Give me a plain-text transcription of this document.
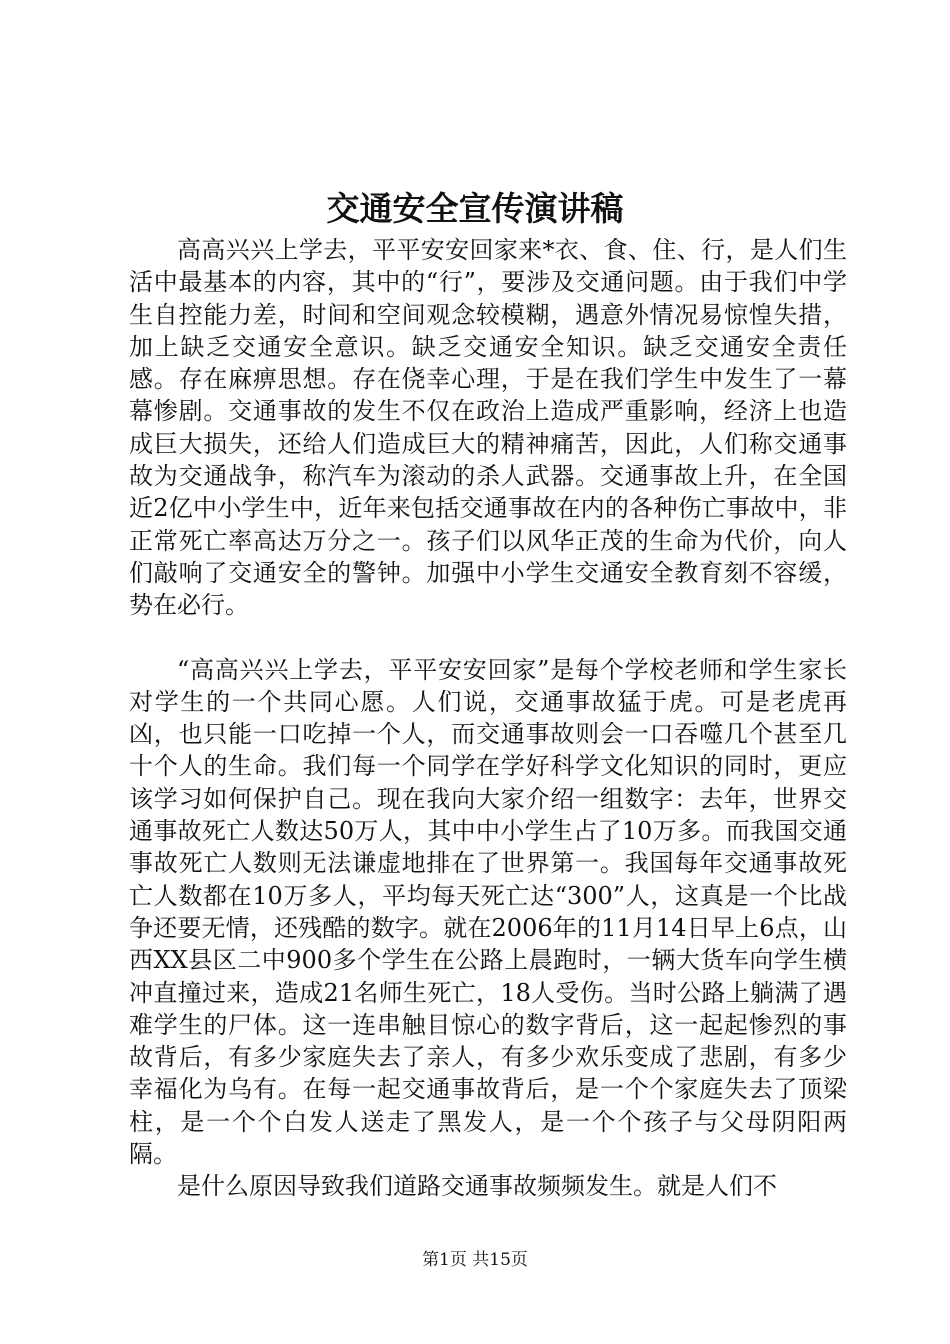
交通安全宣传演讲稿

高高兴兴上学去，平平安安回家来*衣、食、住、行，是人们生活中最基本的内容，其中的“行”，要涉及交通问题。由于我们中学生自控能力差，时间和空间观念较模糊，遇意外情况易惊惶失措，加上缺乏交通安全意识。缺乏交通安全知识。缺乏交通安全责任感。存在麻痹思想。存在侥幸心理，于是在我们学生中发生了一幕幕惨剧。交通事故的发生不仅在政治上造成严重影响，经济上也造成巨大损失，还给人们造成巨大的精神痛苦，因此，人们称交通事故为交通战争，称汽车为滚动的杀人武器。交通事故上升，在全国近2亿中小学生中，近年来包括交通事故在内的各种伤亡事故中，非正常死亡率高达万分之一。孩子们以风华正茂的生命为代价，向人们敲响了交通安全的警钟。加强中小学生交通安全教育刻不容缓，势在必行。

“高高兴兴上学去，平平安安回家”是每个学校老师和学生家长对学生的一个共同心愿。人们说，交通事故猛于虎。可是老虎再凶，也只能一口吃掉一个人，而交通事故则会一口吞噬几个甚至几十个人的生命。我们每一个同学在学好科学文化知识的同时，更应该学习如何保护自己。现在我向大家介绍一组数字：去年，世界交通事故死亡人数达50万人，其中中小学生占了10万多。而我国交通事故死亡人数则无法谦虚地排在了世界第一。我国每年交通事故死亡人数都在10万多人，平均每天死亡达“300”人，这真是一个比战争还要无情，还残酷的数字。就在2006年的11月14日早上6点，山西XX县区二中900多个学生在公路上晨跑时，一辆大货车向学生横冲直撞过来，造成21名师生死亡，18人受伤。当时公路上躺满了遇难学生的尸体。这一连串触目惊心的数字背后，这一起起惨烈的事故背后，有多少家庭失去了亲人，有多少欢乐变成了悲剧，有多少幸福化为乌有。在每一起交通事故背后，是一个个家庭失去了顶梁柱，是一个个白发人送走了黑发人，是一个个孩子与父母阴阳两隔。

是什么原因导致我们道路交通事故频频发生。就是人们不

第1页 共15页
